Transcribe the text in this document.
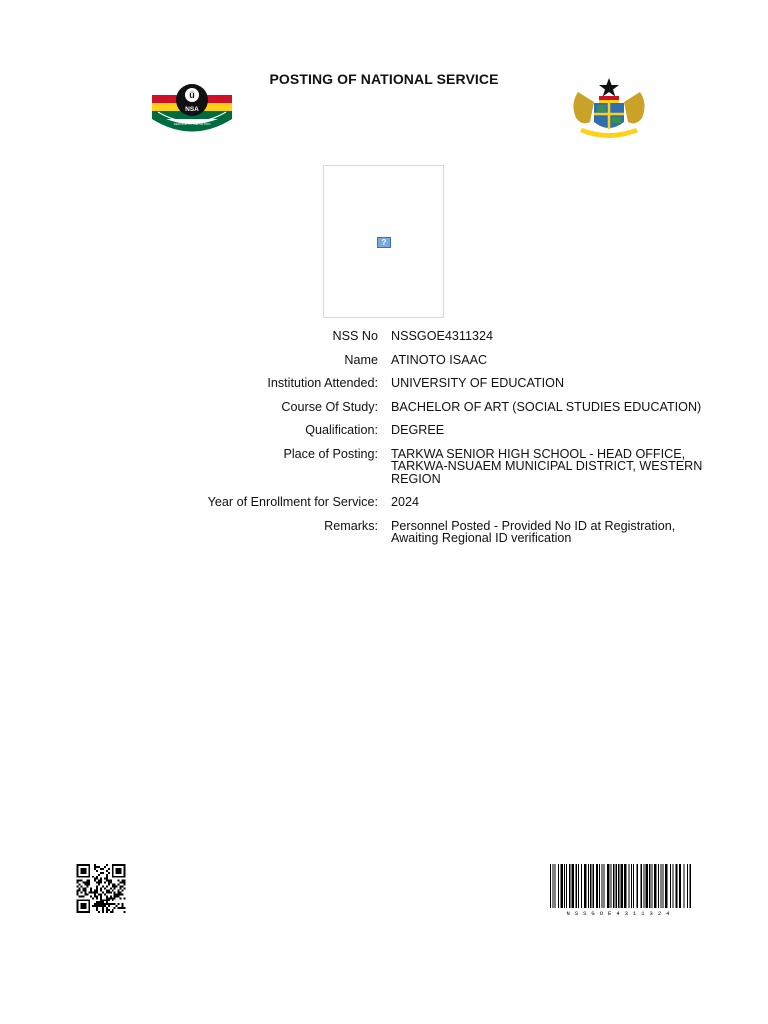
POSTING OF NATIONAL SERVICE
ü
NSA
SERVICE TO THE NATION
?
NSS No NSSGOE4311324
Name ATINOTO ISAAC
Institution Attended: UNIVERSITY OF EDUCATION
Course Of Study: BACHELOR OF ART (SOCIAL STUDIES EDUCATION)
Qualification: DEGREE
Place of Posting: TARKWA SENIOR HIGH SCHOOL - HEAD OFFICE, TARKWA-NSUAEM MUNICIPAL DISTRICT, WESTERN REGION
Year of Enrollment for Service: 2024
Remarks: Personnel Posted - Provided No ID at Registration, Awaiting Regional ID verification
NSSGOE4311324
